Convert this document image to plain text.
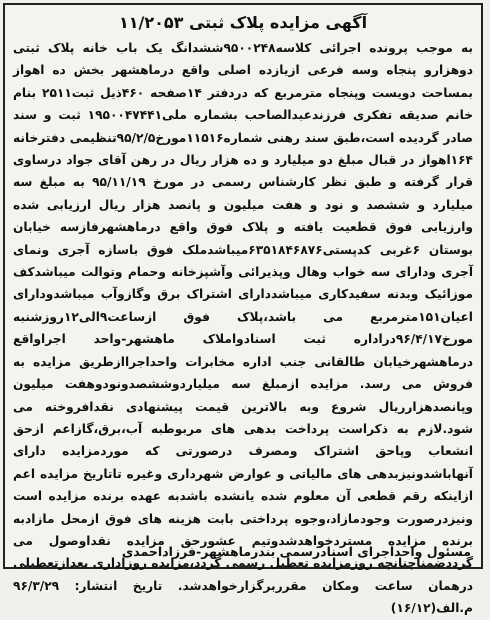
آگهی مزایده پلاک ثبتی ۱۱/۲۰۵۳
به موجب پرونده اجرائی کلاسه۹۵۰۰۲۴۸ششدانگ یک باب خانه پلاک ثبتی دوهزارو پنجاه وسه فرعی ازیازده اصلی واقع درماهشهر بخش ده اهواز بمساحت دویست وپنجاه مترمربع که دردفتر ۱۴صفحه ۴۶۰ذیل ثبت۲۵۱۱ بنام خانم صدیقه تفکری فرزندعبدالصاحب بشماره ملی۱۹۵۰۰۴۷۴۴۱ ثبت و سند صادر گردیده است،طبق سند رهنی شماره۱۱۵۱۶مورخ۹۵/۲/۵تنظیمی دفترخانه ۱۶۴اهواز در قبال مبلغ دو میلیارد و ده هزار ریال در رهن آقای جواد درساوی قرار گرفته و طبق نظر کارشناس رسمی در مورخ ۹۵/۱۱/۱۹ به مبلغ سه میلیارد و ششصد و نود و هفت میلیون و پانصد هزار ریال ارزیابی شده وارزیابی فوق قطعیت یافته و پلاک فوق واقع درماهشهرفازسه خیابان بوستان ۶غربی کدپستی۶۳۵۱۸۴۶۸۷۶میباشدملک فوق باسازه آجری ونمای آجری ودارای سه خواب وهال وپذیرائی وآشپزخانه وحمام وتوالت میباشدکف موزائیک وبدنه سفیدکاری میباشددارای اشتراک برق وگازوآب میباشدودارای اعیان۱۵۱مترمربع می باشد،پلاک فوق ازساعت۹الی۱۲روزشنبه مورخ۹۶/۴/۱۷دراداره ثبت اسنادواملاک ماهشهر-واحد اجراواقع درماهشهرخیابان طالقانی جنب اداره مخابرات واحداجراازطریق مزایده به فروش می رسد. مزایده ازمبلغ سه میلیاردوششصدونودوهفت میلیون وپانصدهزارریال شروع وبه بالاترین قیمت پیشنهادی نقدافروخته می شود.لازم به ذکراست پرداخت بدهی های مربوطبه آب،برق،گازاعم ازحق انشعاب وپاحق اشتراک ومصرف درصورتی که موردمزایده دارای آنهاباشدونیزبدهی های مالیاتی و عوارض شهرداری وغیره تاتاریخ مزایده اعم ازاینکه رقم قطعی آن معلوم شده یانشده باشدبه عهده برنده مزایده است ونیزدرصورت وجودمازاد،وجوه پرداختی بابت هزینه های فوق ازمحل مازادبه برنده مزایده مستردخواهدشدوتیم عشورحق مزایده نقداوصول می گرددضمناچنانچه روزمزایده تعطیل رسمی گردد،مزایده روزاداری بعدازتعطیلی درهمان ساعت ومکان مقرربرگزارخواهدشد. تاریخ انتشار: ۹۶/۳/۲۹ م.الف(۱۶/۱۲)
مسئول واحداجرای اسنادرسمی بندرماهشهر-فرزاداحمدی
